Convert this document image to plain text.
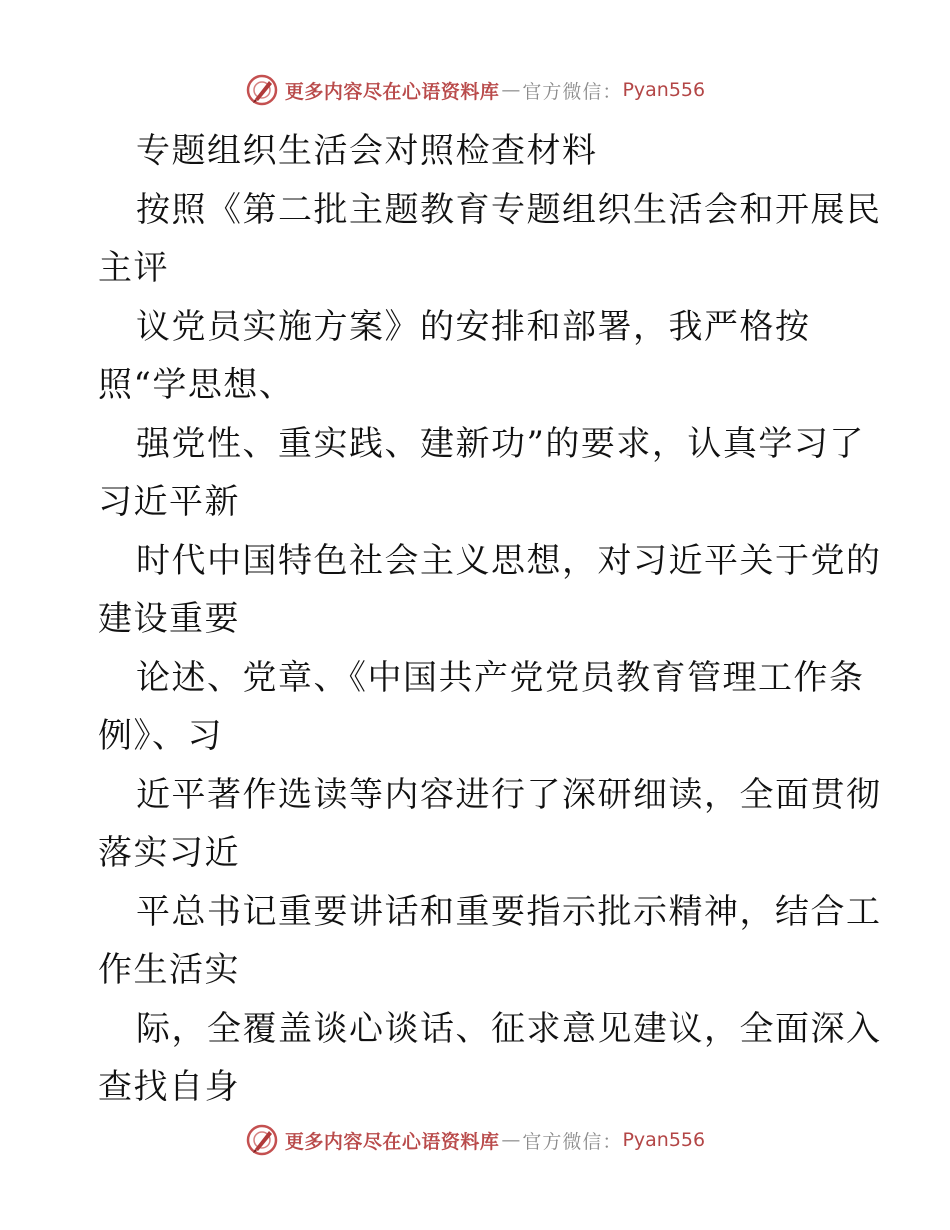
更多内容尽在心语资料库 — 官方微信： Pyan556
专题组织生活会对照检查材料
按照《第二批主题教育专题组织生活会和开展民
主评
议党员实施方案》的安排和部署，我严格按
照“学思想、
强党性、重实践、建新功”的要求，认真学习了
习近平新
时代中国特色社会主义思想，对习近平关于党的
建设重要
论述、党章、《中国共产党党员教育管理工作条
例》、习
近平著作选读等内容进行了深研细读，全面贯彻
落实习近
平总书记重要讲话和重要指示批示精神，结合工
作生活实
际，全覆盖谈心谈话、征求意见建议，全面深入
查找自身
更多内容尽在心语资料库 — 官方微信： Pyan556
